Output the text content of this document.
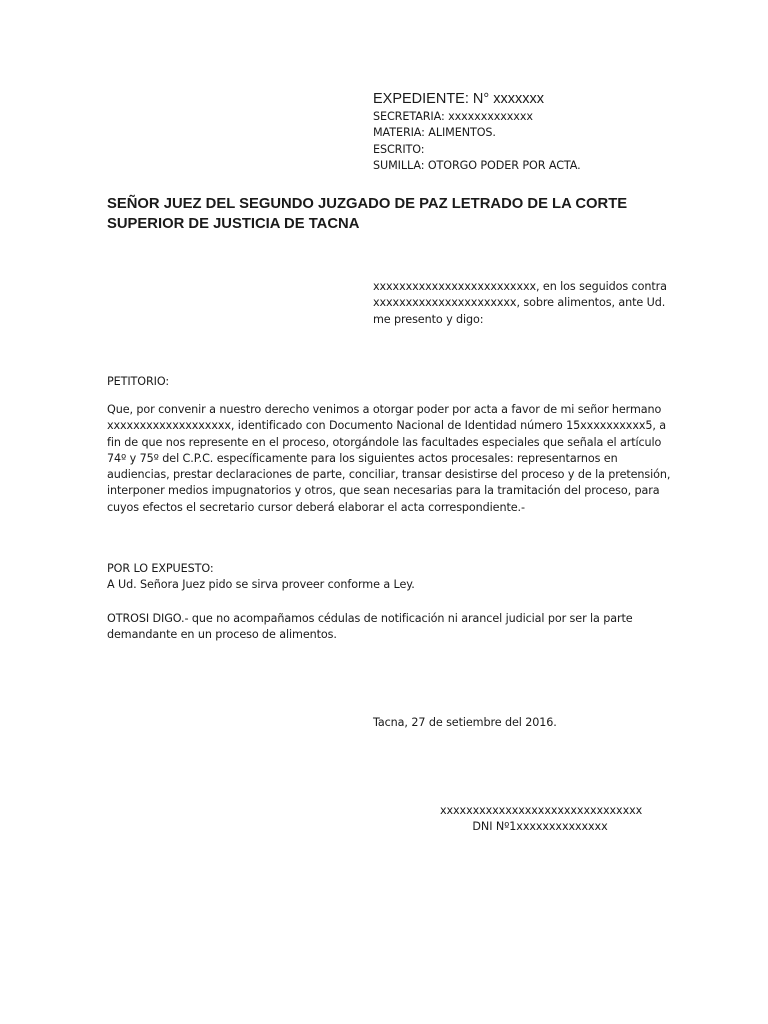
EXPEDIENTE: N° xxxxxxx
SECRETARIA: xxxxxxxxxxxxx
MATERIA: ALIMENTOS.
ESCRITO:
SUMILLA: OTORGO PODER POR ACTA.
SEÑOR JUEZ DEL SEGUNDO JUZGADO DE PAZ LETRADO DE LA CORTE
SUPERIOR DE JUSTICIA DE TACNA
xxxxxxxxxxxxxxxxxxxxxxxxx, en los seguidos contra
xxxxxxxxxxxxxxxxxxxxxx, sobre alimentos, ante Ud.
me presento y digo:
PETITORIO:
Que, por convenir a nuestro derecho venimos a otorgar poder por acta a favor de mi señor hermano
xxxxxxxxxxxxxxxxxxx, identificado con Documento Nacional de Identidad número 15xxxxxxxxxx5, a
fin de que nos represente en el proceso, otorgándole las facultades especiales que señala el artículo
74º y 75º del C.P.C. específicamente para los siguientes actos procesales: representarnos en
audiencias, prestar declaraciones de parte, conciliar, transar desistirse del proceso y de la pretensión,
interponer medios impugnatorios y otros, que sean necesarias para la tramitación del proceso, para
cuyos efectos el secretario cursor deberá elaborar el acta correspondiente.-
POR LO EXPUESTO:
A Ud. Señora Juez pido se sirva proveer conforme a Ley.
OTROSI DIGO.- que no acompañamos cédulas de notificación ni arancel judicial por ser la parte
demandante en un proceso de alimentos.
Tacna, 27 de setiembre del 2016.
xxxxxxxxxxxxxxxxxxxxxxxxxxxxxxx
DNI Nº1xxxxxxxxxxxxxx
